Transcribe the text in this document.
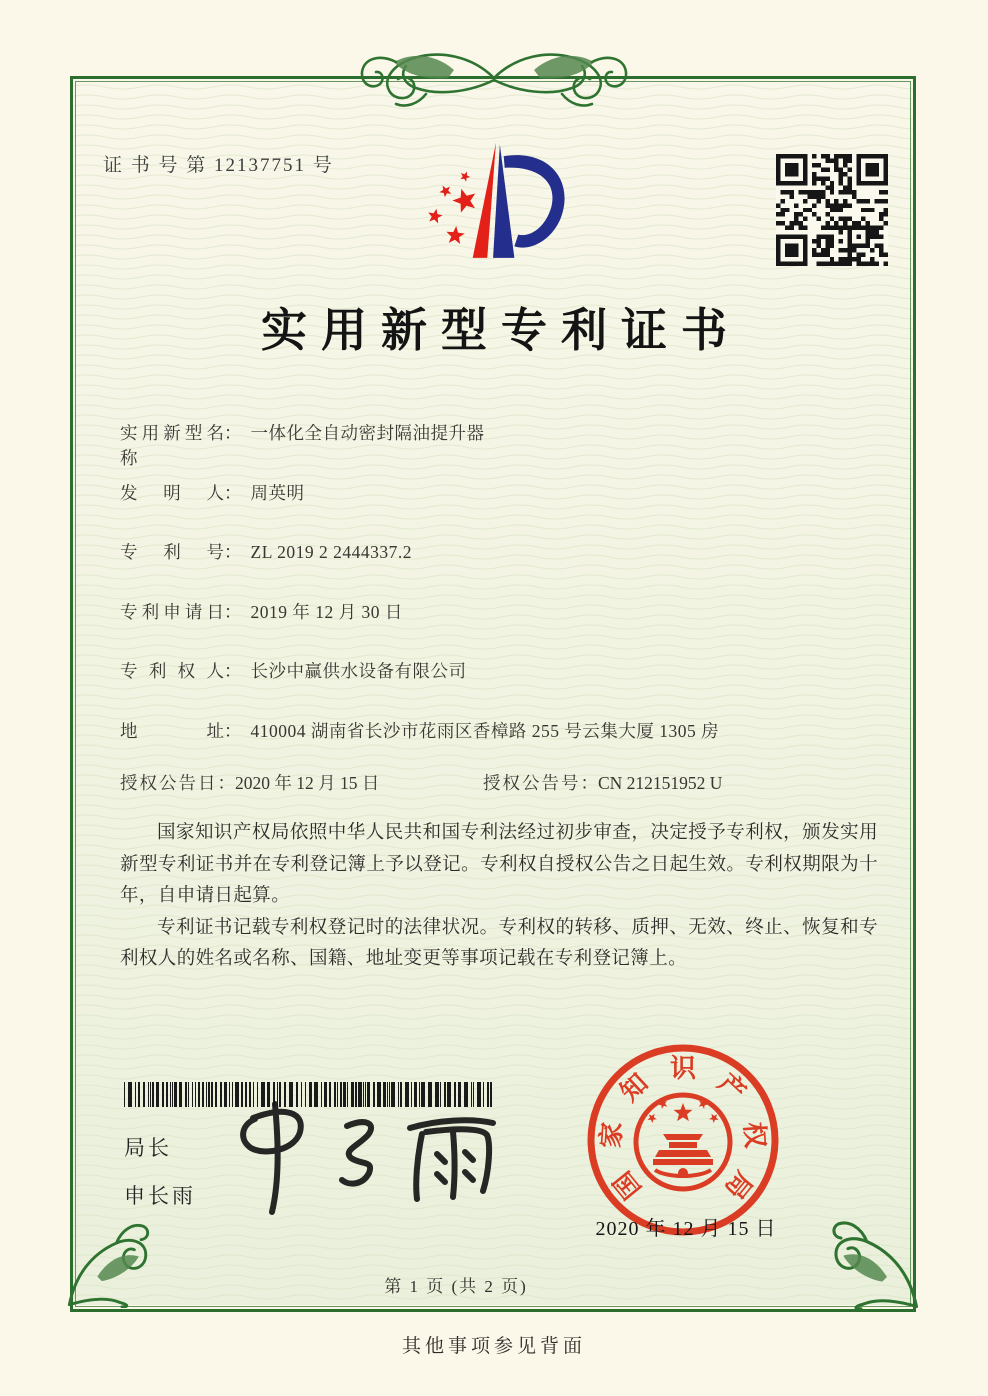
证 书 号 第 12137751 号
实用新型专利证书
实用新型名称： 一体化全自动密封隔油提升器
发明人： 周英明
专利号： ZL 2019 2 2444337.2
专利申请日： 2019 年 12 月 30 日
专利权人： 长沙中赢供水设备有限公司
地址： 410004 湖南省长沙市花雨区香樟路 255 号云集大厦 1305 房
授权公告日：2020 年 12 月 15 日	授权公告号：CN 212151952 U

国家知识产权局依照中华人民共和国专利法经过初步审查，决定授予专利权，颁发实用新型专利证书并在专利登记簿上予以登记。专利权自授权公告之日起生效。专利权期限为十年，自申请日起算。

专利证书记载专利权登记时的法律状况。专利权的转移、质押、无效、终止、恢复和专利权人的姓名或名称、国籍、地址变更等事项记载在专利登记簿上。

局长
申长雨	国
家
知 识 产
权
局
2020 年 12 月 15 日
第 1 页 (共 2 页)
其他事项参见背面
